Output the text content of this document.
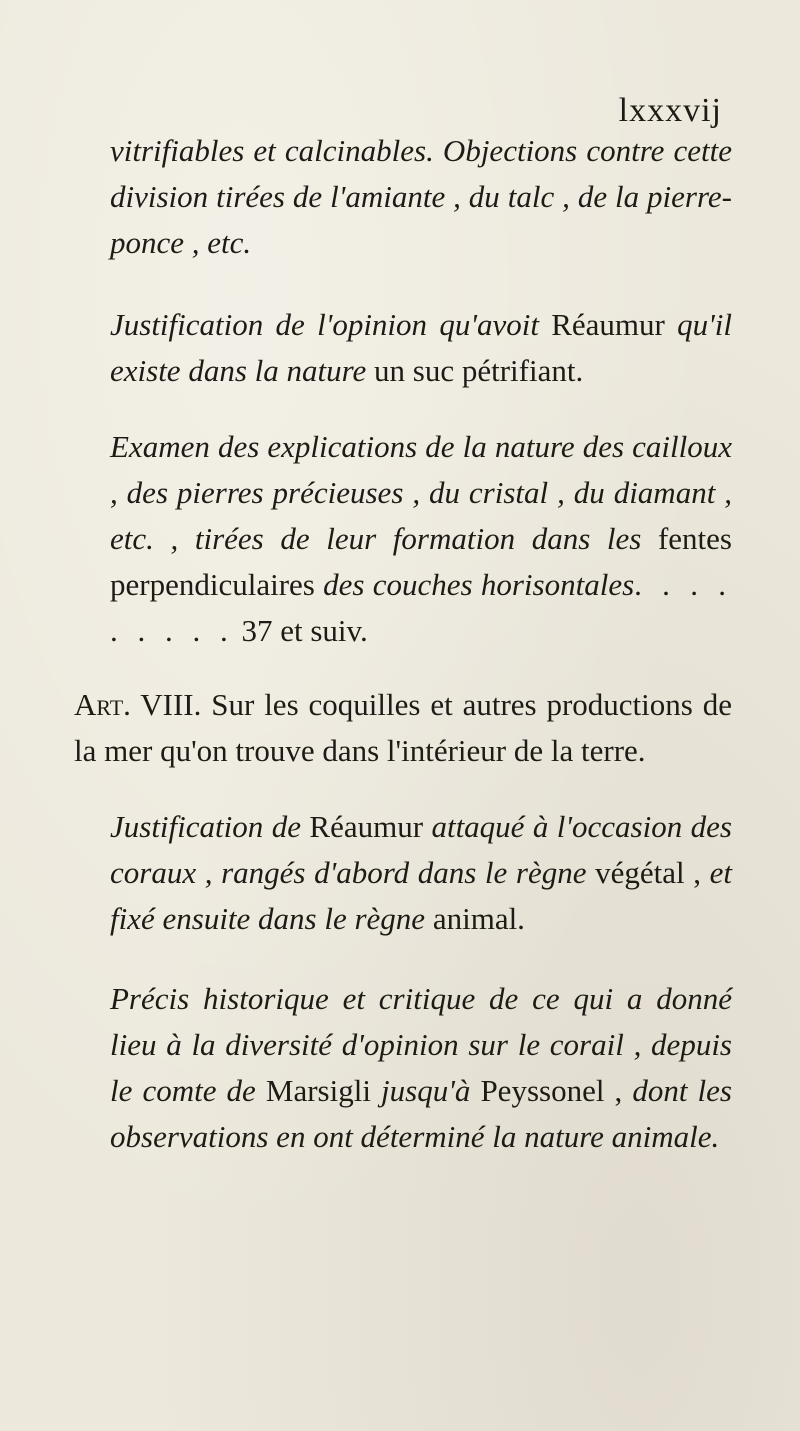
lxxxvij

vitrifiables et calcinables. Objections contre cette division tirées de l'amiante , du talc , de la pierre-ponce , etc.

Justification de l'opinion qu'avoit Réaumur qu'il existe dans la nature un suc pétrifiant.

Examen des explications de la nature des cailloux , des pierres précieuses , du cristal , du diamant , etc. , tirées de leur formation dans les fentes perpendiculaires des couches horisontales. . . . . . . . . 37 et suiv.

Art. VIII. Sur les coquilles et autres productions de la mer qu'on trouve dans l'intérieur de la terre.

Justification de Réaumur attaqué à l'occasion des coraux , rangés d'abord dans le règne végétal , et fixé ensuite dans le règne animal.

Précis historique et critique de ce qui a donné lieu à la diversité d'opinion sur le corail , depuis le comte de Marsigli jusqu'à Peyssonel , dont les observations en ont déterminé la nature animale.
